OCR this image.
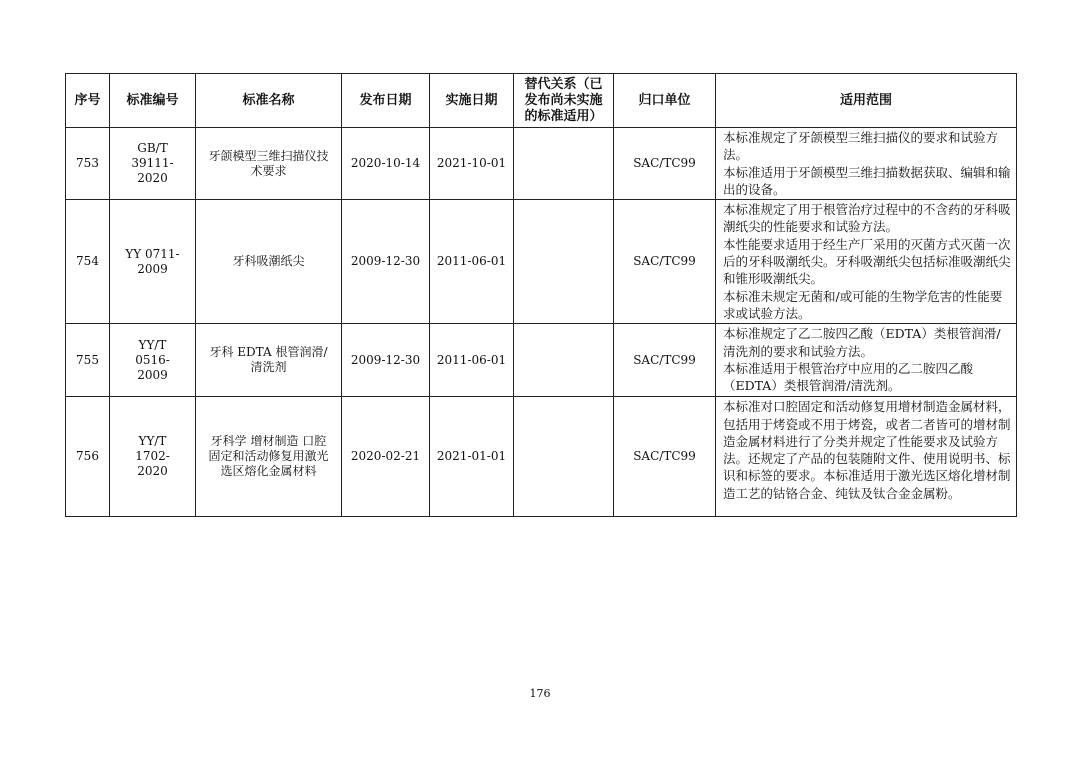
序号	标准编号	标准名称	发布日期	实施日期	替代关系（已发布尚未实施的标准适用）	归口单位	适用范围
753	GB/T 39111-2020	牙颌模型三维扫描仪技术要求	2020-10-14	2021-10-01		SAC/TC99	本标准规定了牙颌模型三维扫描仪的要求和试验方法。

本标准适用于牙颌模型三维扫描数据获取、编辑和输出的设备。

754	YY 0711-2009	牙科吸潮纸尖	2009-12-30	2011-06-01		SAC/TC99	本标准规定了用于根管治疗过程中的不含药的牙科吸潮纸尖的性能要求和试验方法。

本性能要求适用于经生产厂采用的灭菌方式灭菌一次后的牙科吸潮纸尖。牙科吸潮纸尖包括标准吸潮纸尖和锥形吸潮纸尖。

本标准未规定无菌和/或可能的生物学危害的性能要求或试验方法。

755	YY/T 0516-2009	牙科 EDTA 根管润滑/清洗剂	2009-12-30	2011-06-01		SAC/TC99	本标准规定了乙二胺四乙酸（EDTA）类根管润滑/清洗剂的要求和试验方法。

本标准适用于根管治疗中应用的乙二胺四乙酸（EDTA）类根管润滑/清洗剂。

756	YY/T 1702-2020	牙科学 增材制造 口腔固定和活动修复用激光选区熔化金属材料	2020-02-21	2021-01-01		SAC/TC99	本标准对口腔固定和活动修复用增材制造金属材料，包括用于烤瓷或不用于烤瓷，或者二者皆可的增材制造金属材料进行了分类并规定了性能要求及试验方法。还规定了产品的包装随附文件、使用说明书、标识和标签的要求。本标准适用于激光选区熔化增材制造工艺的钴铬合金、纯钛及钛合金金属粉。

176
